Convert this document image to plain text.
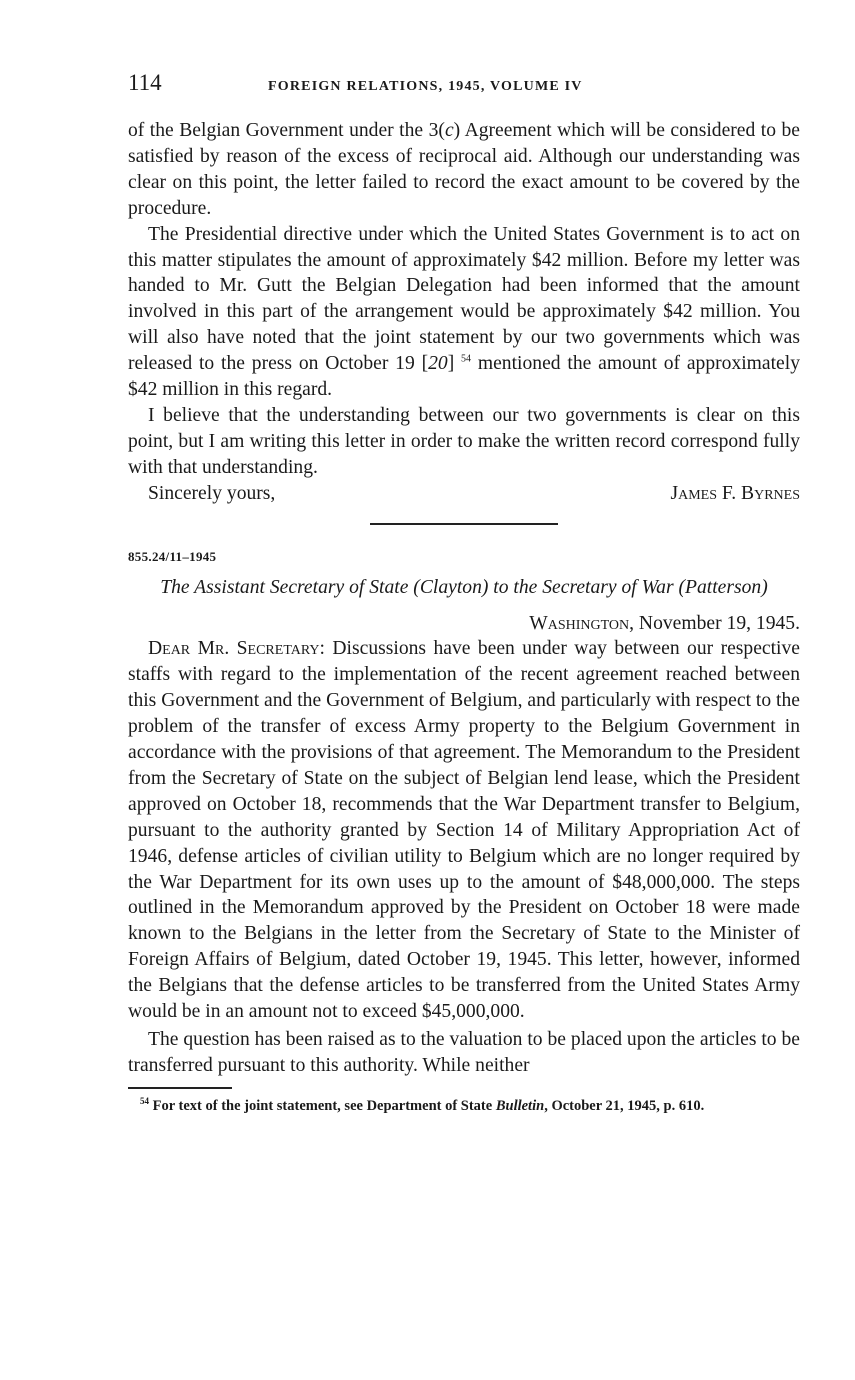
114	FOREIGN RELATIONS, 1945, VOLUME IV

of the Belgian Government under the 3(c) Agreement which will be considered to be satisfied by reason of the excess of reciprocal aid. Although our understanding was clear on this point, the letter failed to record the exact amount to be covered by the procedure.

The Presidential directive under which the United States Government is to act on this matter stipulates the amount of approximately $42 million. Before my letter was handed to Mr. Gutt the Belgian Delegation had been informed that the amount involved in this part of the arrangement would be approximately $42 million. You will also have noted that the joint statement by our two governments which was released to the press on October 19 [20] $^{54}$ mentioned the amount of approximately $42 million in this regard.

I believe that the understanding between our two governments is clear on this point, but I am writing this letter in order to make the written record correspond fully with that understanding.

Sincerely yours,	James F. Byrnes
855.24/11–1945
The Assistant Secretary of State (Clayton) to the Secretary of War (Patterson)
Washington, November 19, 1945.

Dear Mr. Secretary: Discussions have been under way between our respective staffs with regard to the implementation of the recent agreement reached between this Government and the Government of Belgium, and particularly with respect to the problem of the transfer of excess Army property to the Belgium Government in accordance with the provisions of that agreement. The Memorandum to the President from the Secretary of State on the subject of Belgian lend lease, which the President approved on October 18, recommends that the War Department transfer to Belgium, pursuant to the authority granted by Section 14 of Military Appropriation Act of 1946, defense articles of civilian utility to Belgium which are no longer required by the War Department for its own uses up to the amount of $48,000,000. The steps outlined in the Memorandum approved by the President on October 18 were made known to the Belgians in the letter from the Secretary of State to the Minister of Foreign Affairs of Belgium, dated October 19, 1945. This letter, however, informed the Belgians that the defense articles to be transferred from the United States Army would be in an amount not to exceed $45,000,000.

The question has been raised as to the valuation to be placed upon the articles to be transferred pursuant to this authority. While neither

$^{54}$ For text of the joint statement, see Department of State Bulletin, October 21, 1945, p. 610.
